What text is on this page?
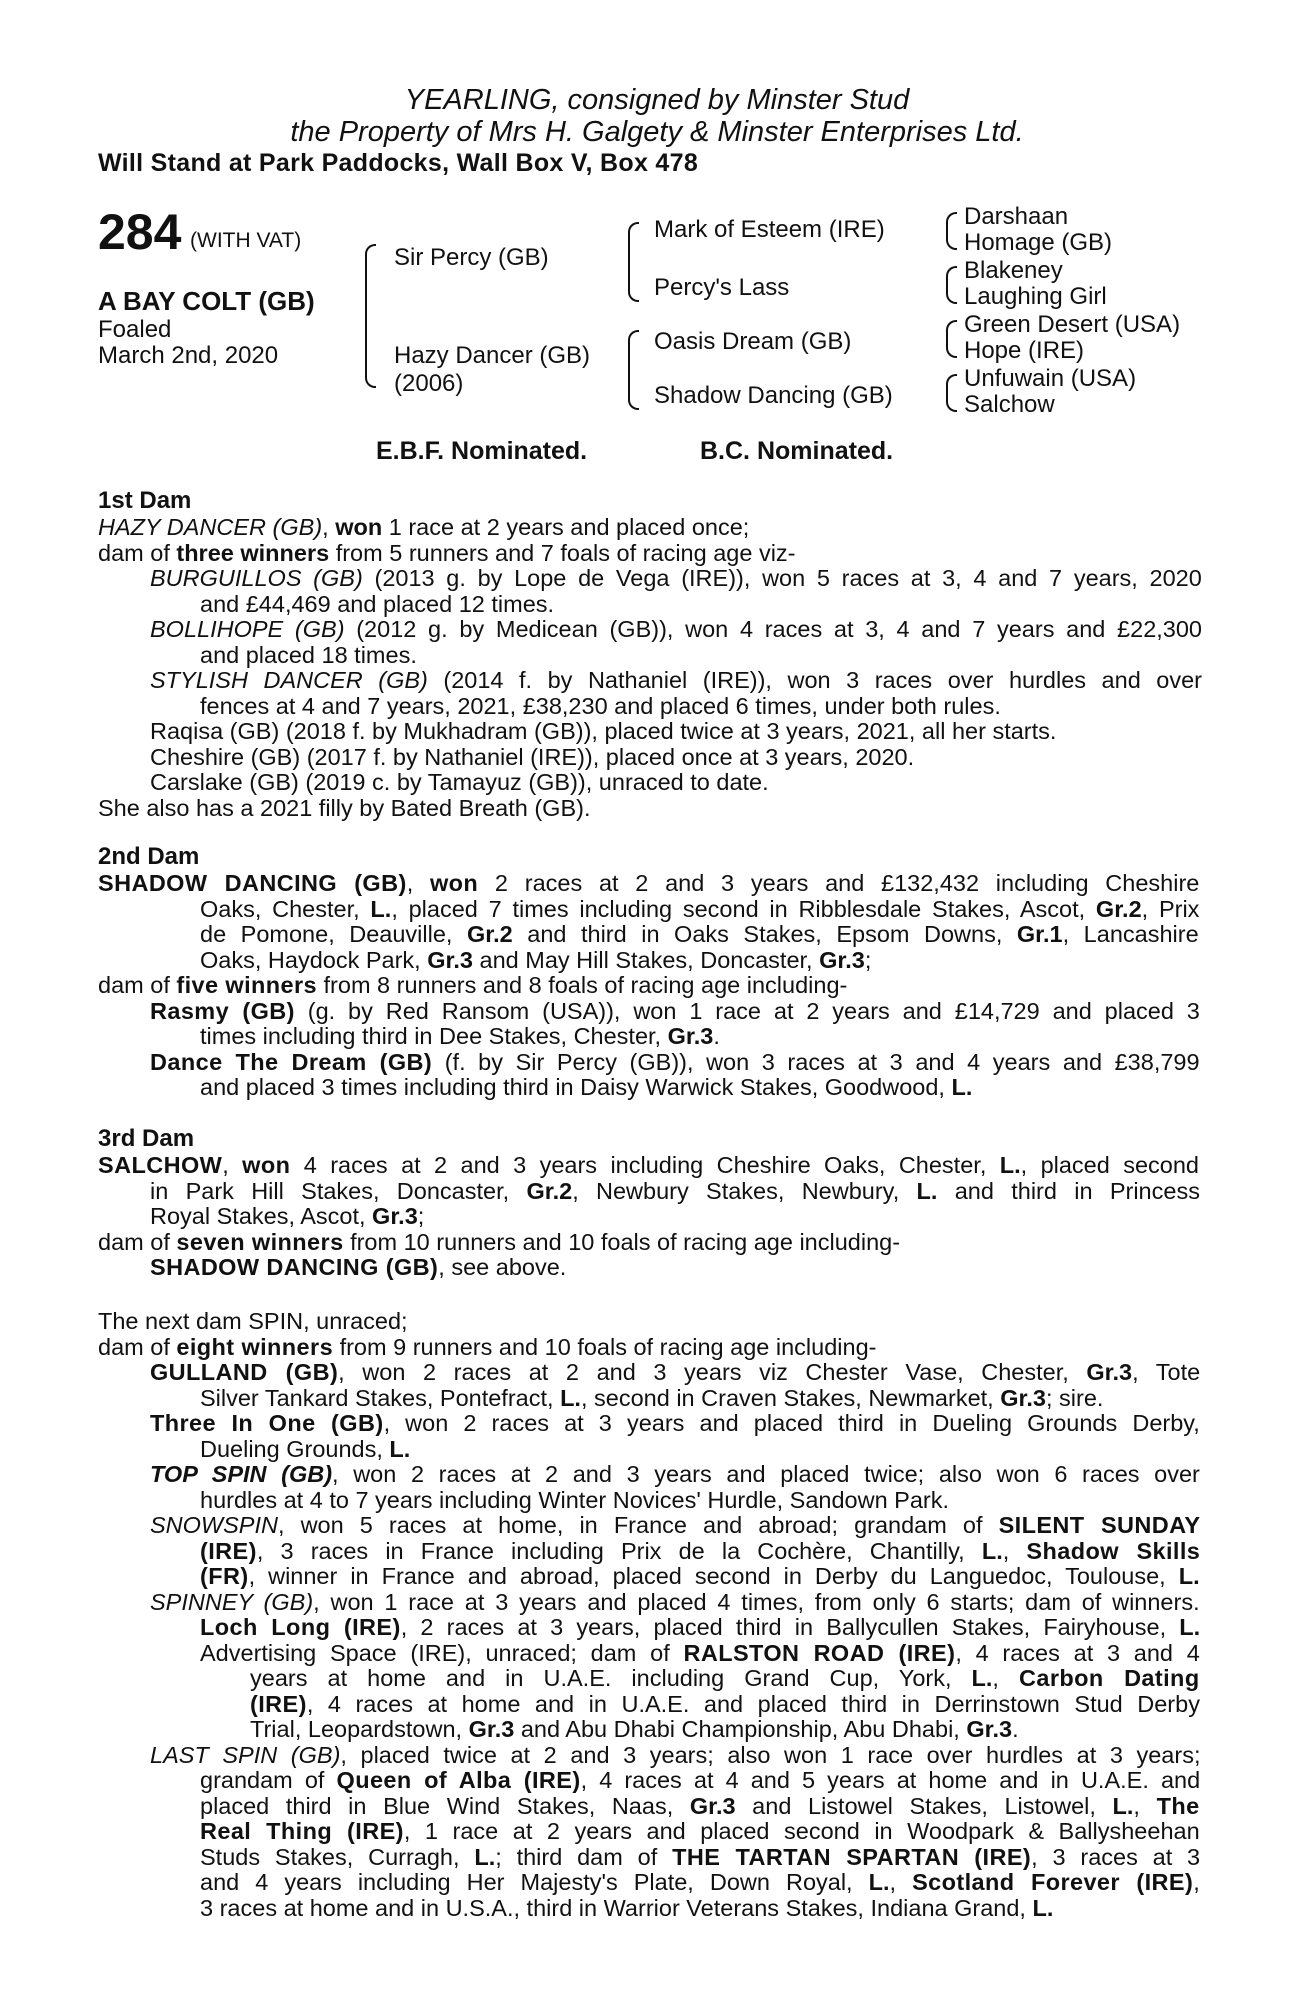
YEARLING, consigned by Minster Stud
the Property of Mrs H. Galgety & Minster Enterprises Ltd.
Will Stand at Park Paddocks, Wall Box V, Box 478
284 (WITH VAT)
A BAY COLT (GB)
Foaled
March 2nd, 2020
Sir Percy (GB)
Hazy Dancer (GB)
(2006)
Mark of Esteem (IRE)
Percy's Lass
Oasis Dream (GB)
Shadow Dancing (GB)
Darshaan
Homage (GB)
Blakeney
Laughing Girl
Green Desert (USA)
Hope (IRE)
Unfuwain (USA)
Salchow
E.B.F. Nominated.	B.C. Nominated.
1st Dam
HAZY DANCER (GB), won 1 race at 2 years and placed once;
dam of three winners from 5 runners and 7 foals of racing age viz-
BURGUILLOS (GB) (2013 g. by Lope de Vega (IRE)), won 5 races at 3, 4 and 7 years, 2020
and £44,469 and placed 12 times.
BOLLIHOPE (GB) (2012 g. by Medicean (GB)), won 4 races at 3, 4 and 7 years and £22,300
and placed 18 times.
STYLISH DANCER (GB) (2014 f. by Nathaniel (IRE)), won 3 races over hurdles and over
fences at 4 and 7 years, 2021, £38,230 and placed 6 times, under both rules.
Raqisa (GB) (2018 f. by Mukhadram (GB)), placed twice at 3 years, 2021, all her starts.
Cheshire (GB) (2017 f. by Nathaniel (IRE)), placed once at 3 years, 2020.
Carslake (GB) (2019 c. by Tamayuz (GB)), unraced to date.
She also has a 2021 filly by Bated Breath (GB).
2nd Dam
SHADOW DANCING (GB), won 2 races at 2 and 3 years and £132,432 including Cheshire
Oaks, Chester, L., placed 7 times including second in Ribblesdale Stakes, Ascot, Gr.2, Prix
de Pomone, Deauville, Gr.2 and third in Oaks Stakes, Epsom Downs, Gr.1, Lancashire
Oaks, Haydock Park, Gr.3 and May Hill Stakes, Doncaster, Gr.3;
dam of five winners from 8 runners and 8 foals of racing age including-
Rasmy (GB) (g. by Red Ransom (USA)), won 1 race at 2 years and £14,729 and placed 3
times including third in Dee Stakes, Chester, Gr.3.
Dance The Dream (GB) (f. by Sir Percy (GB)), won 3 races at 3 and 4 years and £38,799
and placed 3 times including third in Daisy Warwick Stakes, Goodwood, L.
3rd Dam
SALCHOW, won 4 races at 2 and 3 years including Cheshire Oaks, Chester, L., placed second
in Park Hill Stakes, Doncaster, Gr.2, Newbury Stakes, Newbury, L. and third in Princess
Royal Stakes, Ascot, Gr.3;
dam of seven winners from 10 runners and 10 foals of racing age including-
SHADOW DANCING (GB), see above.
The next dam SPIN, unraced;
dam of eight winners from 9 runners and 10 foals of racing age including-
GULLAND (GB), won 2 races at 2 and 3 years viz Chester Vase, Chester, Gr.3, Tote
Silver Tankard Stakes, Pontefract, L., second in Craven Stakes, Newmarket, Gr.3; sire.
Three In One (GB), won 2 races at 3 years and placed third in Dueling Grounds Derby,
Dueling Grounds, L.
TOP SPIN (GB), won 2 races at 2 and 3 years and placed twice; also won 6 races over
hurdles at 4 to 7 years including Winter Novices' Hurdle, Sandown Park.
SNOWSPIN, won 5 races at home, in France and abroad; grandam of SILENT SUNDAY
(IRE), 3 races in France including Prix de la Cochère, Chantilly, L., Shadow Skills
(FR), winner in France and abroad, placed second in Derby du Languedoc, Toulouse, L.
SPINNEY (GB), won 1 race at 3 years and placed 4 times, from only 6 starts; dam of winners.
Loch Long (IRE), 2 races at 3 years, placed third in Ballycullen Stakes, Fairyhouse, L.
Advertising Space (IRE), unraced; dam of RALSTON ROAD (IRE), 4 races at 3 and 4
years at home and in U.A.E. including Grand Cup, York, L., Carbon Dating
(IRE), 4 races at home and in U.A.E. and placed third in Derrinstown Stud Derby
Trial, Leopardstown, Gr.3 and Abu Dhabi Championship, Abu Dhabi, Gr.3.
LAST SPIN (GB), placed twice at 2 and 3 years; also won 1 race over hurdles at 3 years;
grandam of Queen of Alba (IRE), 4 races at 4 and 5 years at home and in U.A.E. and
placed third in Blue Wind Stakes, Naas, Gr.3 and Listowel Stakes, Listowel, L., The
Real Thing (IRE), 1 race at 2 years and placed second in Woodpark & Ballysheehan
Studs Stakes, Curragh, L.; third dam of THE TARTAN SPARTAN (IRE), 3 races at 3
and 4 years including Her Majesty's Plate, Down Royal, L., Scotland Forever (IRE),
3 races at home and in U.S.A., third in Warrior Veterans Stakes, Indiana Grand, L.
